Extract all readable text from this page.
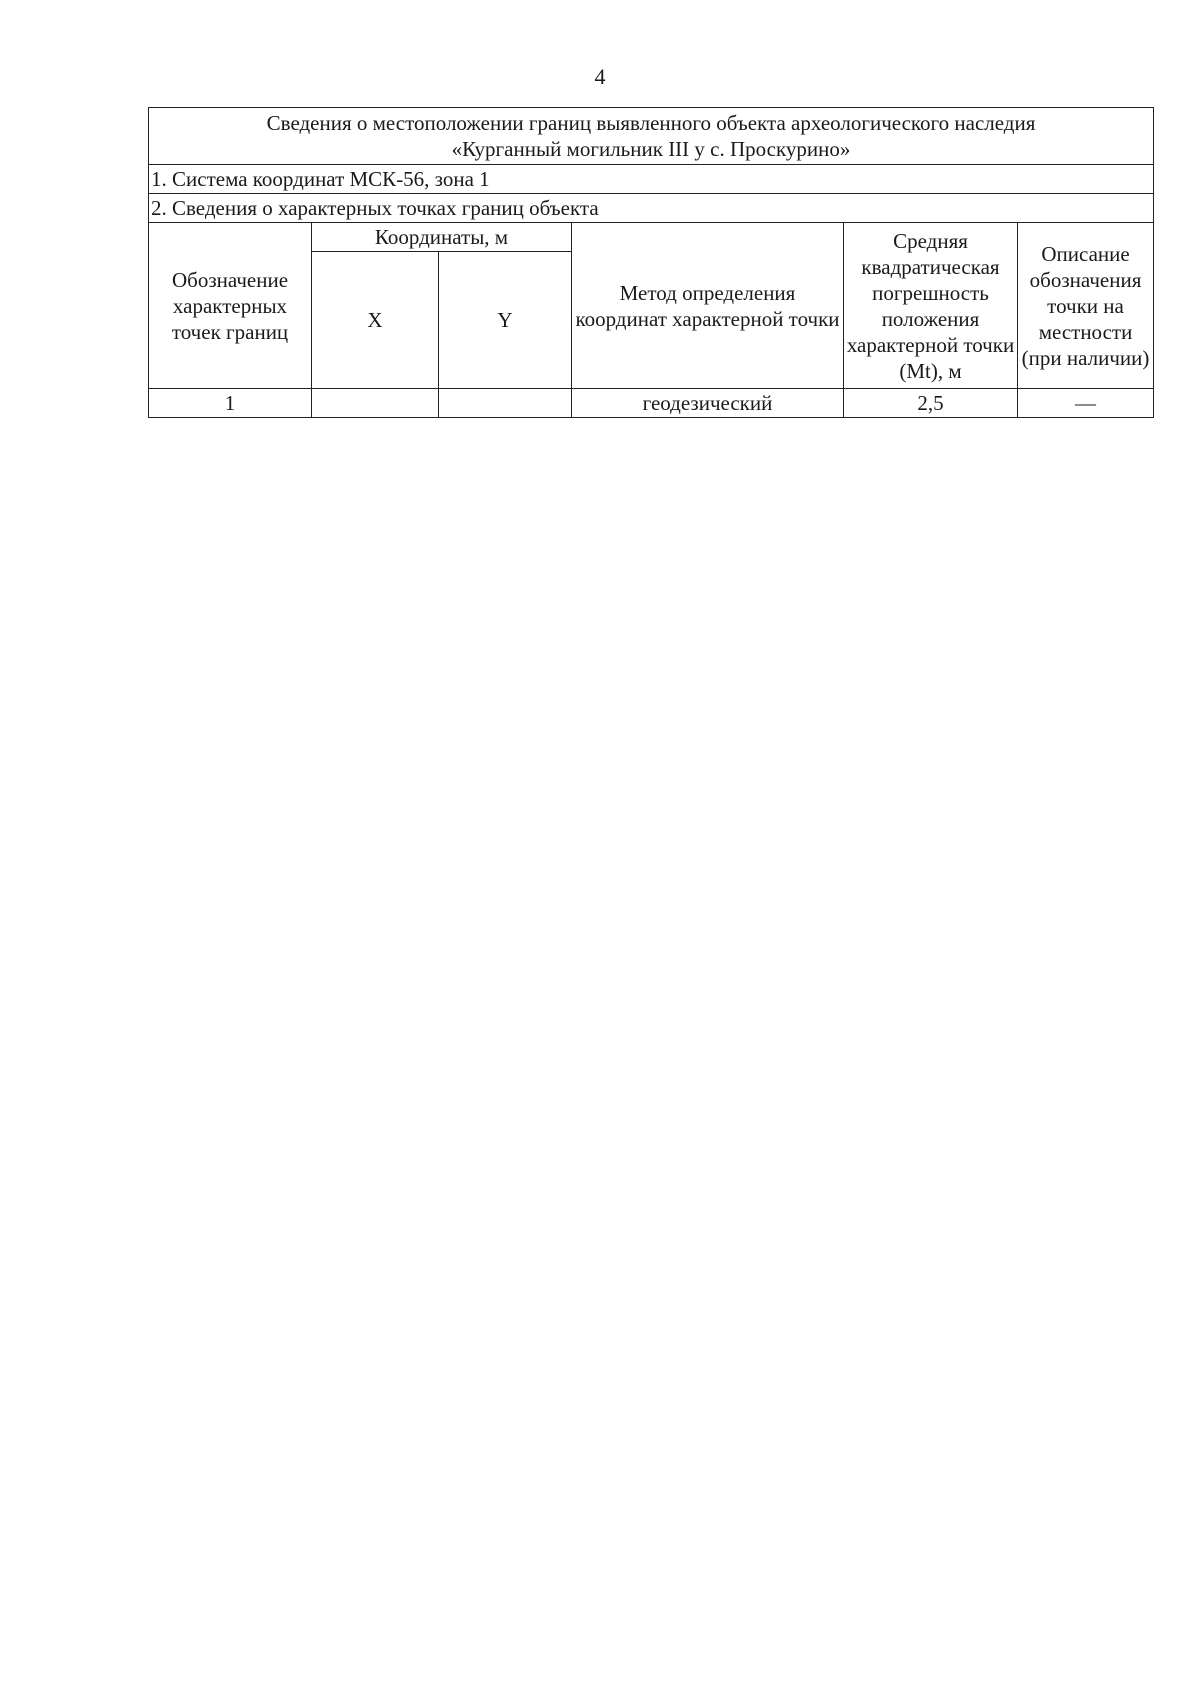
4
Сведения о местоположении границ выявленного объекта археологического наследия
«Курганный могильник III у с. Проскурино»					

1. Система координат МСК-56, зона 1					
2. Сведения о характерных точках границ объекта					
Обозначение характерных точек границ	Координаты, м		Метод определения координат характерной точки	Средняя квадратическая погрешность положения характерной точки (Mt), м	Описание обозначения точки на местности (при наличии)
	X	Y			
1			геодезический	2,5	—
